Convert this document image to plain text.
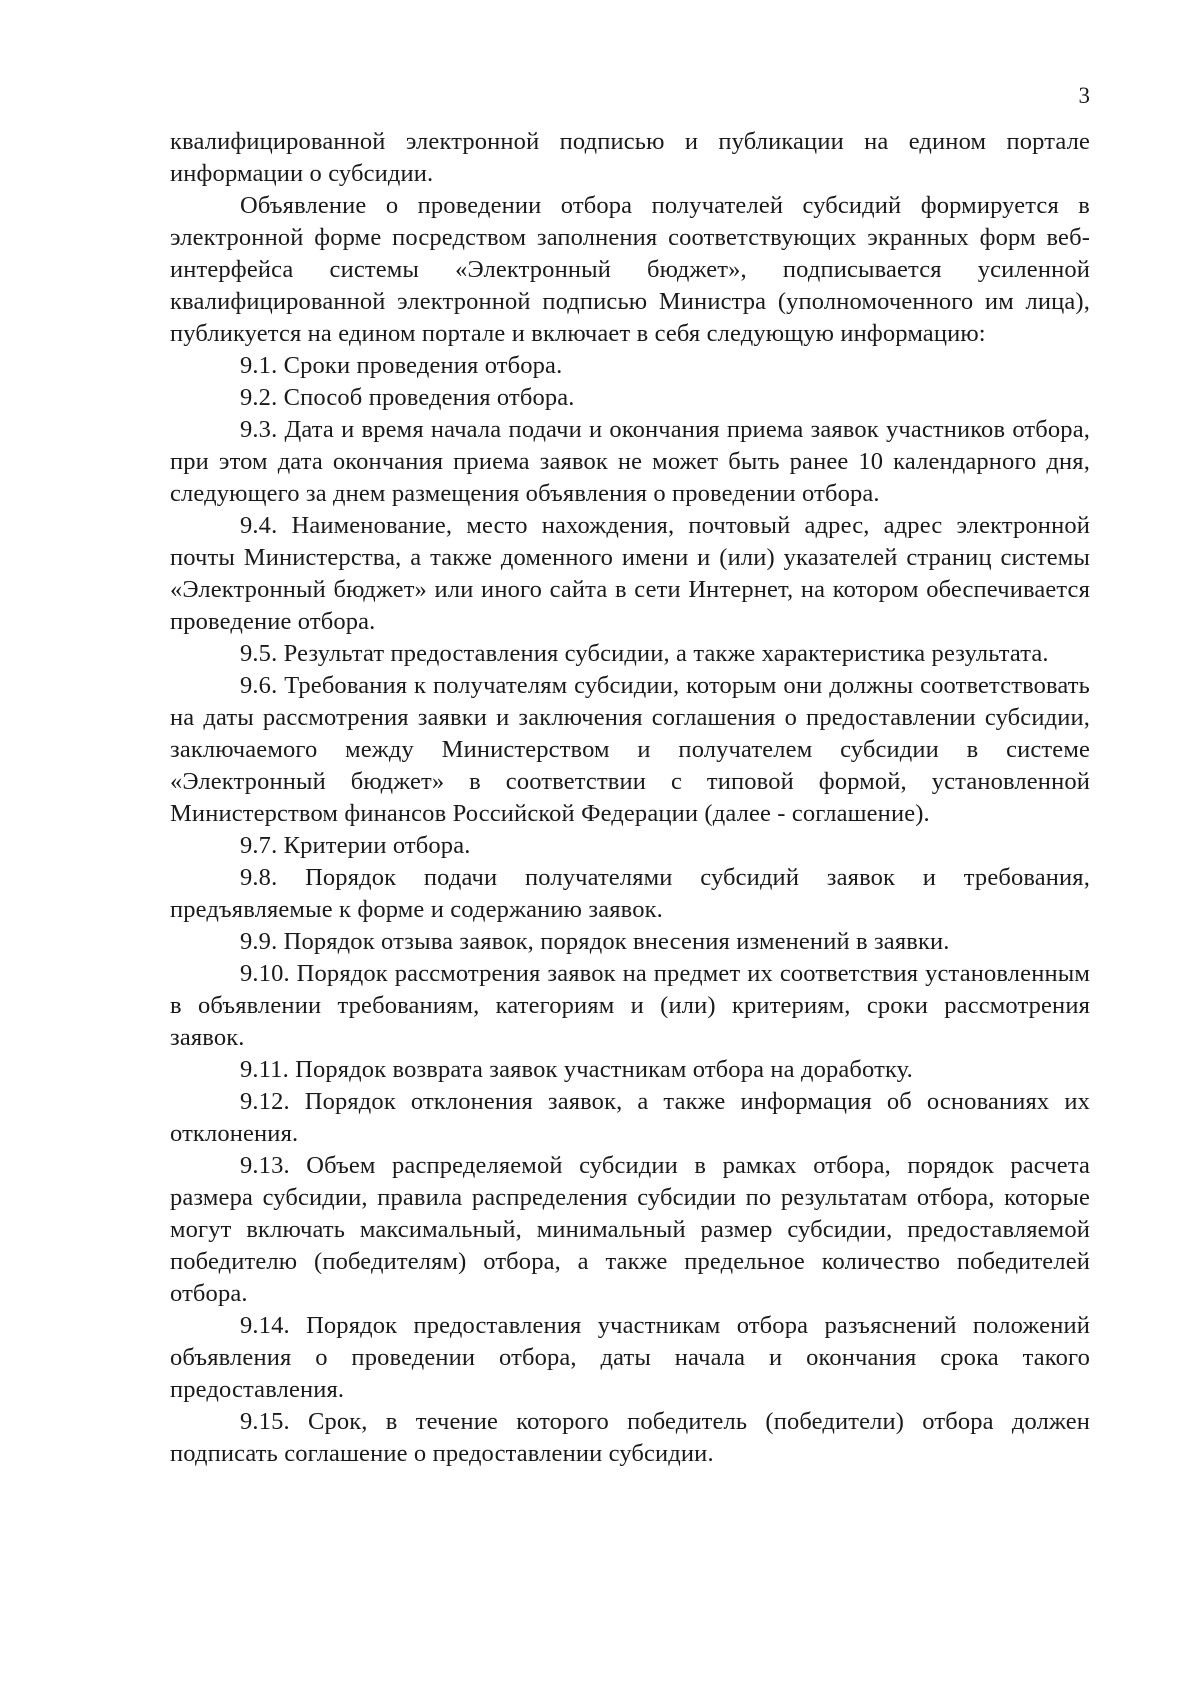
3

квалифицированной электронной подписью и публикации на едином портале информации о субсидии.

Объявление о проведении отбора получателей субсидий формируется в электронной форме посредством заполнения соответствующих экранных форм веб-интерфейса системы «Электронный бюджет», подписывается усиленной квалифицированной электронной подписью Министра (уполномоченного им лица), публикуется на едином портале и включает в себя следующую информацию:

9.1. Сроки проведения отбора.

9.2. Способ проведения отбора.

9.3. Дата и время начала подачи и окончания приема заявок участников отбора, при этом дата окончания приема заявок не может быть ранее 10 календарного дня, следующего за днем размещения объявления о проведении отбора.

9.4. Наименование, место нахождения, почтовый адрес, адрес электронной почты Министерства, а также доменного имени и (или) указателей страниц системы «Электронный бюджет» или иного сайта в сети Интернет, на котором обеспечивается проведение отбора.

9.5. Результат предоставления субсидии, а также характеристика результата.

9.6. Требования к получателям субсидии, которым они должны соответствовать на даты рассмотрения заявки и заключения соглашения о предоставлении субсидии, заключаемого между Министерством и получателем субсидии в системе «Электронный бюджет» в соответствии с типовой формой, установленной Министерством финансов Российской Федерации (далее - соглашение).

9.7. Критерии отбора.

9.8. Порядок подачи получателями субсидий заявок и требования, предъявляемые к форме и содержанию заявок.

9.9. Порядок отзыва заявок, порядок внесения изменений в заявки.

9.10. Порядок рассмотрения заявок на предмет их соответствия установленным в объявлении требованиям, категориям и (или) критериям, сроки рассмотрения заявок.

9.11. Порядок возврата заявок участникам отбора на доработку.

9.12. Порядок отклонения заявок, а также информация об основаниях их отклонения.

9.13. Объем распределяемой субсидии в рамках отбора, порядок расчета размера субсидии, правила распределения субсидии по результатам отбора, которые могут включать максимальный, минимальный размер субсидии, предоставляемой победителю (победителям) отбора, а также предельное количество победителей отбора.

9.14. Порядок предоставления участникам отбора разъяснений положений объявления о проведении отбора, даты начала и окончания срока такого предоставления.

9.15. Срок, в течение которого победитель (победители) отбора должен подписать соглашение о предоставлении субсидии.
